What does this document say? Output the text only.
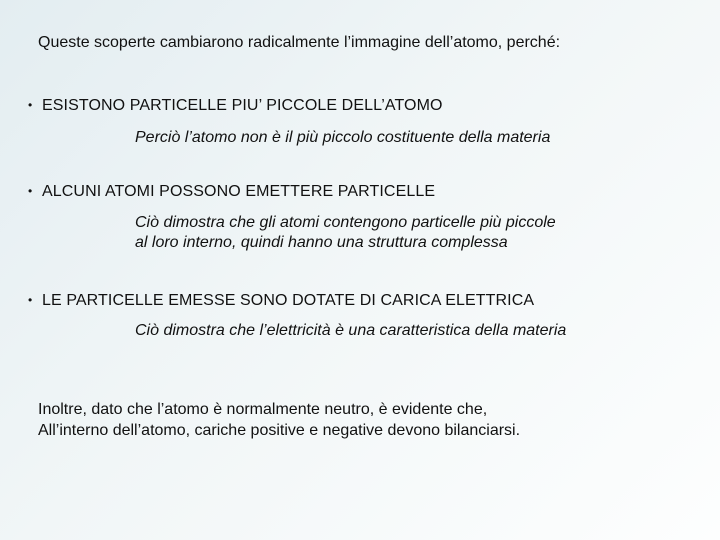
Queste scoperte cambiarono radicalmente l’immagine dell’atomo, perché:
• ESISTONO PARTICELLE PIU’ PICCOLE DELL’ATOMO
Perciò l’atomo non è il più piccolo costituente della materia
• ALCUNI ATOMI POSSONO EMETTERE PARTICELLE
Ciò dimostra che gli atomi contengono particelle più piccole
al loro interno, quindi hanno una struttura complessa
• LE PARTICELLE EMESSE SONO DOTATE DI CARICA ELETTRICA
Ciò dimostra che l’elettricità è una caratteristica della materia
Inoltre, dato che l’atomo è normalmente neutro, è evidente che,
All’interno dell’atomo, cariche positive e negative devono bilanciarsi.
